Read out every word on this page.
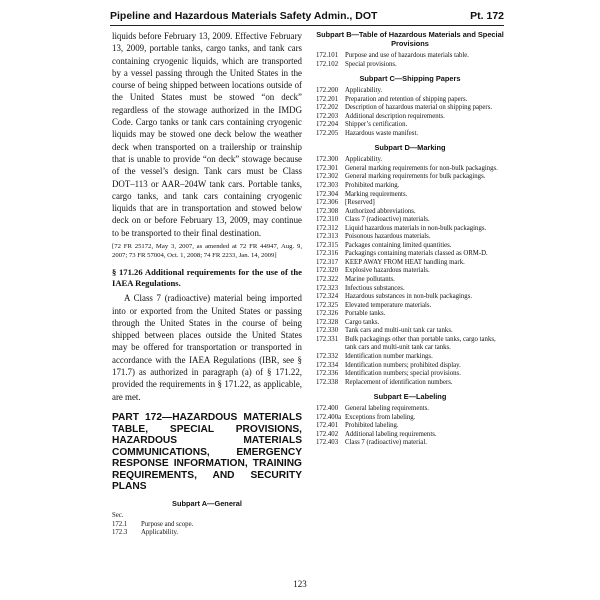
Pipeline and Hazardous Materials Safety Admin., DOT	Pt. 172

liquids before February 13, 2009. Effective February 13, 2009, portable tanks, cargo tanks, and tank cars containing cryogenic liquids, which are transported by a vessel passing through the United States in the course of being shipped between locations outside of the United States must be stowed “on deck” regardless of the stowage authorized in the IMDG Code. Cargo tanks or tank cars containing cryogenic liquids may be stowed one deck below the weather deck when transported on a trailership or trainship that is unable to provide “on deck” stowage because of the vessel’s design. Tank cars must be Class DOT–113 or AAR–204W tank cars. Portable tanks, cargo tanks, and tank cars containing cryogenic liquids that are in transportation and stowed below deck on or before February 13, 2009, may continue to be transported to their final destination.

[72 FR 25172, May 3, 2007, as amended at 72 FR 44947, Aug. 9, 2007; 73 FR 57004, Oct. 1, 2008; 74 FR 2233, Jan. 14, 2009]

§ 171.26 Additional requirements for the use of the IAEA Regulations.

A Class 7 (radioactive) material being imported into or exported from the United States or passing through the United States in the course of being shipped between places outside the United States may be offered for transportation or transported in accordance with the IAEA Regulations (IBR, see § 171.7) as authorized in paragraph (a) of § 171.22, provided the requirements in § 171.22, as applicable, are met.

PART 172—HAZARDOUS MATERIALS TABLE, SPECIAL PROVISIONS, HAZARDOUS MATERIALS COMMUNICATIONS, EMERGENCY RESPONSE INFORMATION, TRAINING REQUIREMENTS, AND SECURITY PLANS

Subpart A—General

Sec.

172.1	Purpose and scope.
172.3	Applicability.
Subpart B—Table of Hazardous Materials and Special Provisions
172.101	Purpose and use of hazardous materials table.
172.102	Special provisions.
Subpart C—Shipping Papers
172.200	Applicability.
172.201	Preparation and retention of shipping papers.
172.202	Description of hazardous material on shipping papers.
172.203	Additional description requirements.
172.204	Shipper’s certification.
172.205	Hazardous waste manifest.
Subpart D—Marking
172.300	Applicability.
172.301	General marking requirements for non-bulk packagings.
172.302	General marking requirements for bulk packagings.
172.303	Prohibited marking.
172.304	Marking requirements.
172.306	[Reserved]
172.308	Authorized abbreviations.
172.310	Class 7 (radioactive) materials.
172.312	Liquid hazardous materials in non-bulk packagings.
172.313	Poisonous hazardous materials.
172.315	Packages containing limited quantities.
172.316	Packagings containing materials classed as ORM-D.
172.317	KEEP AWAY FROM HEAT handling mark.
172.320	Explosive hazardous materials.
172.322	Marine pollutants.
172.323	Infectious substances.
172.324	Hazardous substances in non-bulk packagings.
172.325	Elevated temperature materials.
172.326	Portable tanks.
172.328	Cargo tanks.
172.330	Tank cars and multi-unit tank car tanks.
172.331	Bulk packagings other than portable tanks, cargo tanks, tank cars and multi-unit tank car tanks.
172.332	Identification number markings.
172.334	Identification numbers; prohibited display.
172.336	Identification numbers; special provisions.
172.338	Replacement of identification numbers.
Subpart E—Labeling
172.400	General labeling requirements.
172.400a Exceptions from labeling.
172.401	Prohibited labeling.
172.402	Additional labeling requirements.
172.403	Class 7 (radioactive) material.
123
